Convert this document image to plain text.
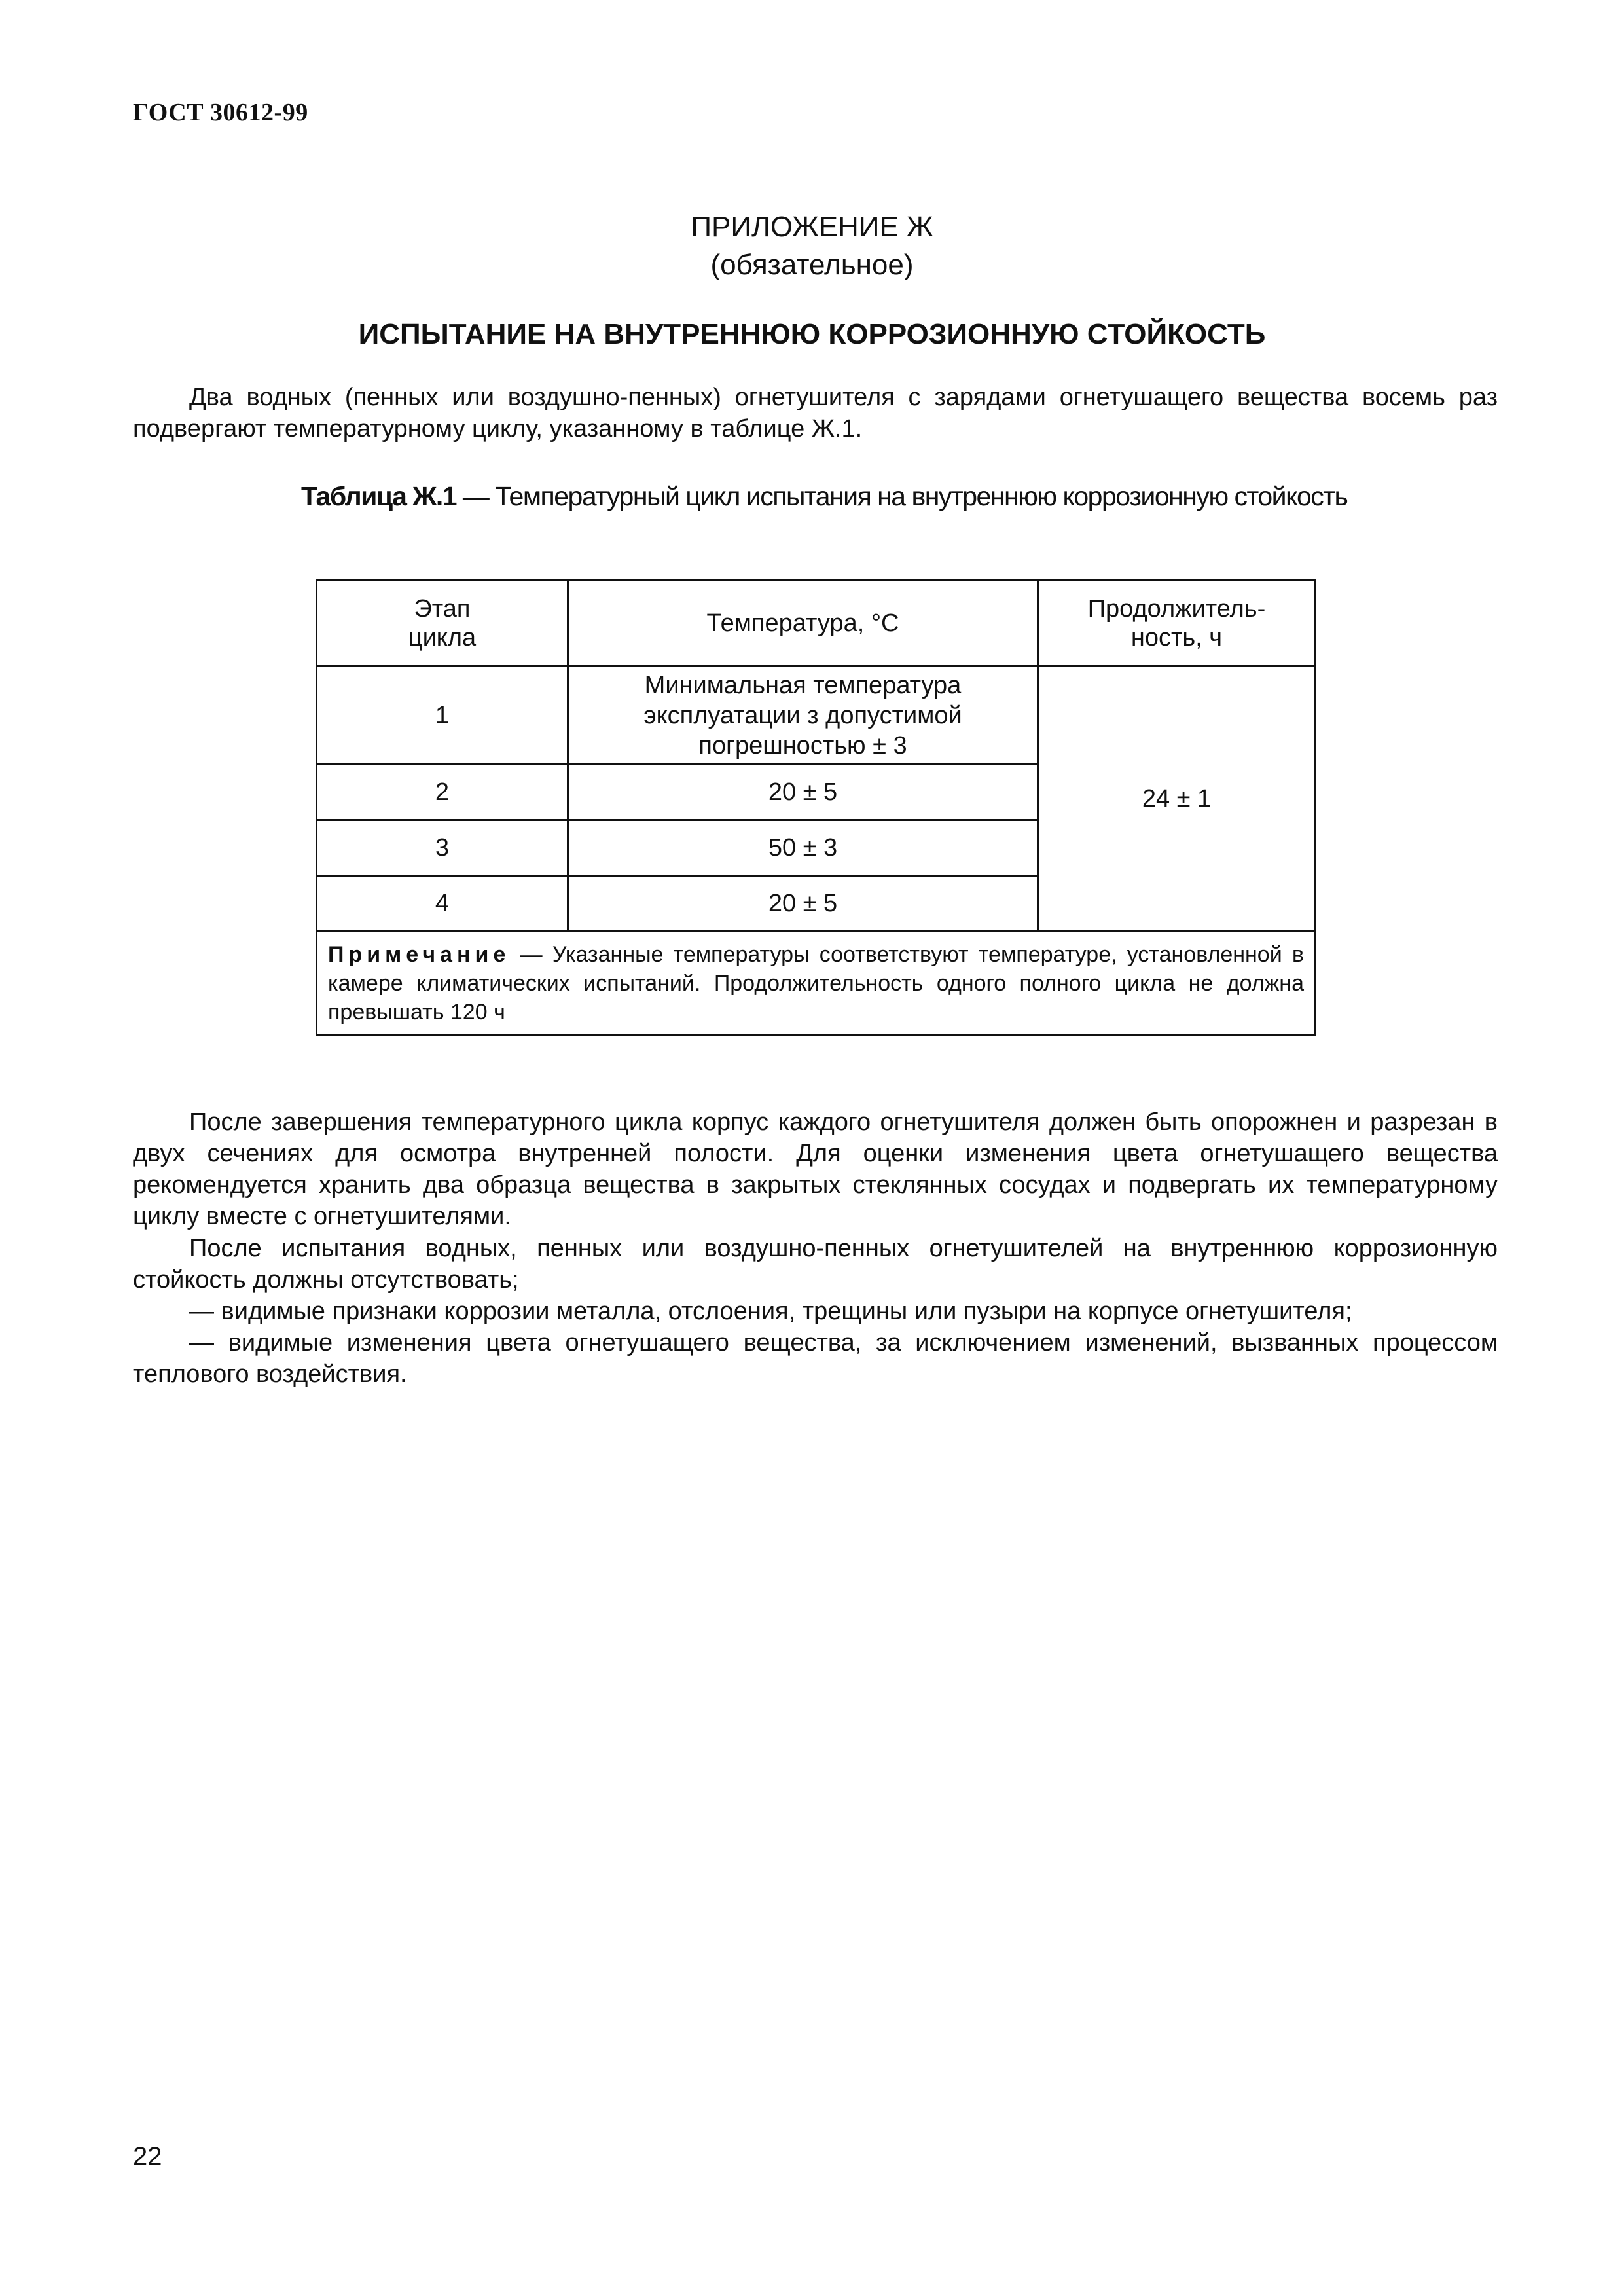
ГОСТ 30612-99
ПРИЛОЖЕНИЕ Ж
(обязательное)
ИСПЫТАНИЕ НА ВНУТРЕННЮЮ КОРРОЗИОННУЮ СТОЙКОСТЬ

Два водных (пенных или воздушно-пенных) огнетушителя с зарядами огнетушащего вещества восемь раз подвергают температурному циклу, указанному в таблице Ж.1.

Таблица Ж.1 — Температурный цикл испытания на внутреннюю коррозионную стойкость
Этап цикла	Температура, °С	Продолжитель-ность, ч
1	Минимальная температура эксплуатации з допустимой погрешностью ± 3	24 ± 1
2	20 ± 5	
3	50 ± 3	
4	20 ± 5	
Примечание — Указанные температуры соответствуют температуре, установленной в камере климатических испытаний. Продолжительность одного полного цикла не должна превышать 120 ч		

После завершения температурного цикла корпус каждого огнетушителя должен быть опорожнен и разрезан в двух сечениях для осмотра внутренней полости. Для оценки изменения цвета огнетушащего вещества рекомендуется хранить два образца вещества в закрытых стеклянных сосудах и подвергать их температурному циклу вместе с огнетушителями.

После испытания водных, пенных или воздушно-пенных огнетушителей на внутреннюю коррозионную стойкость должны отсутствовать;

— видимые признаки коррозии металла, отслоения, трещины или пузыри на корпусе огнетушителя;

— видимые изменения цвета огнетушащего вещества, за исключением изменений, вызванных процессом теплового воздействия.

22
